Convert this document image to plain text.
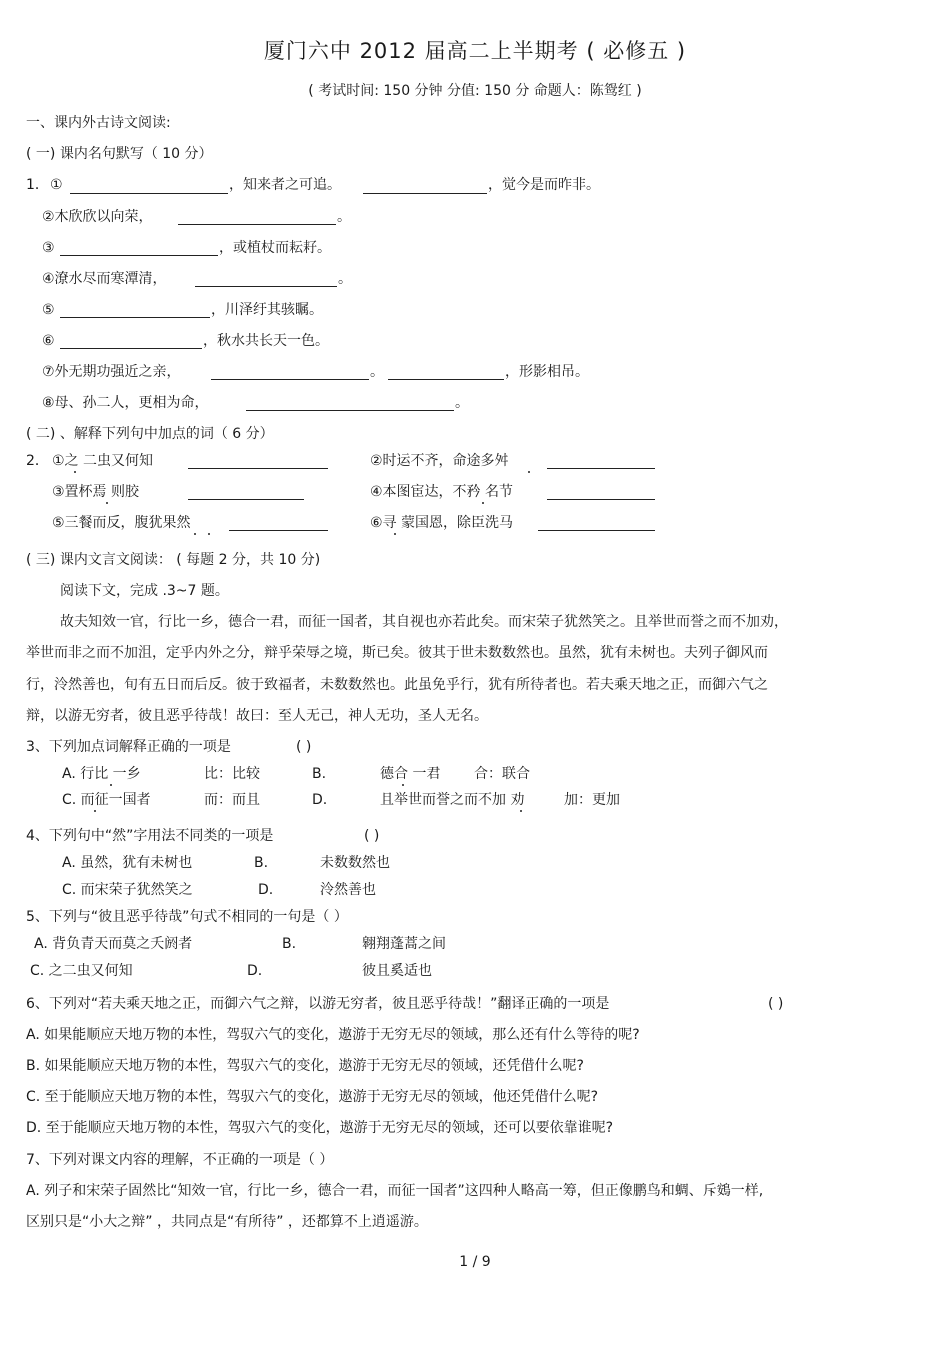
厦门六中 2012 届高二上半期考 ( 必修五 )
( 考试时间: 150 分钟 分值: 150 分 命题人：陈鸳红 )
一、课内外古诗文阅读:
( 一) 课内名句默写（ 10 分）
1． ①	，知来者之可追。	，觉今是而昨非。
②木欣欣以向荣，	。
③	，或植杖而耘耔。
④潦水尽而寒潭清，	。
⑤	，川泽纡其骇瞩。
⑥	，秋水共长天一色。
⑦外无期功强近之亲，	。	，形影相吊。
⑧母、孙二人，更相为命，	。
( 二) 、解释下列句中加点的词（ 6 分）
2． ①之 二虫又何知	②时运不齐，命途多舛
③置杯焉 则胶	④本图宦达，不矜 名节
⑤三餐而反，腹犹果然	⑥寻 蒙国恩，除臣洗马
( 三) 课内文言文阅读： ( 每题 2 分，共 10 分)
阅读下文，完成 .3~7 题。
故夫知效一官，行比一乡，德合一君，而征一国者，其自视也亦若此矣。而宋荣子犹然笑之。且举世而誉之而不加劝，
举世而非之而不加沮，定乎内外之分，辩乎荣辱之境，斯已矣。彼其于世未数数然也。虽然，犹有未树也。夫列子御风而
行，泠然善也，旬有五日而后反。彼于致福者，未数数然也。此虽免乎行，犹有所待者也。若夫乘天地之正，而御六气之
辩，以游无穷者，彼且恶乎待哉！故曰：至人无己，神人无功，圣人无名。
3、下列加点词解释正确的一项是	( )
A. 行比 一乡	比：比较	B.	德合 一君 合：联合
C. 而征一国者	而：而且	D.	且举世而誉之而不加 劝	加：更加
4、下列句中“然”字用法不同类的一项是	( )
A. 虽然，犹有未树也	B.	未数数然也
C. 而宋荣子犹然笑之	D.	泠然善也
5、下列与“彼且恶乎待哉”句式不相同的一句是（ ）
A. 背负青天而莫之夭阏者	B.	翱翔蓬蒿之间
C. 之二虫又何知	D.	彼且奚适也
6、下列对“若夫乘天地之正，而御六气之辩，以游无穷者，彼且恶乎待哉！”翻译正确的一项是	( )
A. 如果能顺应天地万物的本性，驾驭六气的变化，遨游于无穷无尽的领域，那么还有什么等待的呢?
B. 如果能顺应天地万物的本性，驾驭六气的变化，遨游于无穷无尽的领域，还凭借什么呢?
C. 至于能顺应天地万物的本性，驾驭六气的变化，遨游于无穷无尽的领域，他还凭借什么呢?
D. 至于能顺应天地万物的本性，驾驭六气的变化，遨游于无穷无尽的领域，还可以要依靠谁呢?
7、下列对课文内容的理解，不正确的一项是（ ）
A. 列子和宋荣子固然比“知效一官，行比一乡，德合一君，而征一国者”这四种人略高一筹，但正像鹏鸟和蜩、斥鴳一样,
区别只是“小大之辩” ，共同点是“有所待” ，还都算不上逍遥游。
1 / 9
